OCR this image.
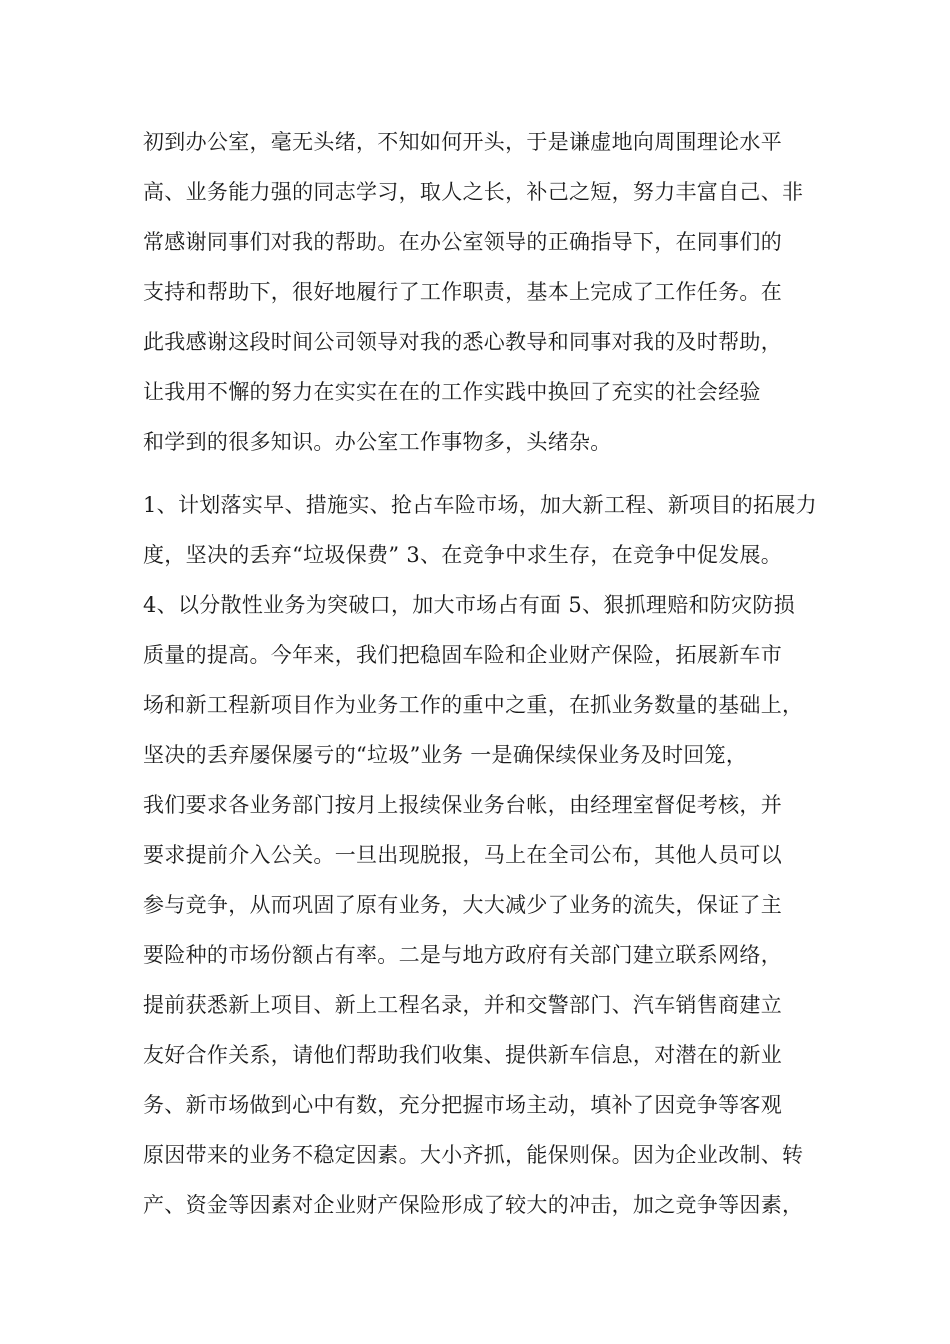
初到办公室，毫无头绪，不知如何开头，于是谦虚地向周围理论水平
高、业务能力强的同志学习，取人之长，补己之短，努力丰富自己、非
常感谢同事们对我的帮助。在办公室领导的正确指导下，在同事们的
支持和帮助下，很好地履行了工作职责，基本上完成了工作任务。在
此我感谢这段时间公司领导对我的悉心教导和同事对我的及时帮助，
让我用不懈的努力在实实在在的工作实践中换回了充实的社会经验
和学到的很多知识。办公室工作事物多，头绪杂。
1、计划落实早、措施实、抢占车险市场，加大新工程、新项目的拓展力
度，坚决的丢弃“垃圾保费” 3、在竞争中求生存，在竞争中促发展。
4、以分散性业务为突破口，加大市场占有面 5、狠抓理赔和防灾防损
质量的提高。今年来，我们把稳固车险和企业财产保险，拓展新车市
场和新工程新项目作为业务工作的重中之重，在抓业务数量的基础上，
坚决的丢弃屡保屡亏的“垃圾”业务 一是确保续保业务及时回笼，
我们要求各业务部门按月上报续保业务台帐，由经理室督促考核，并
要求提前介入公关。一旦出现脱报，马上在全司公布，其他人员可以
参与竞争，从而巩固了原有业务，大大减少了业务的流失，保证了主
要险种的市场份额占有率。二是与地方政府有关部门建立联系网络，
提前获悉新上项目、新上工程名录，并和交警部门、汽车销售商建立
友好合作关系，请他们帮助我们收集、提供新车信息，对潜在的新业
务、新市场做到心中有数，充分把握市场主动，填补了因竞争等客观
原因带来的业务不稳定因素。大小齐抓，能保则保。因为企业改制、转
产、资金等因素对企业财产保险形成了较大的冲击，加之竞争等因素，
